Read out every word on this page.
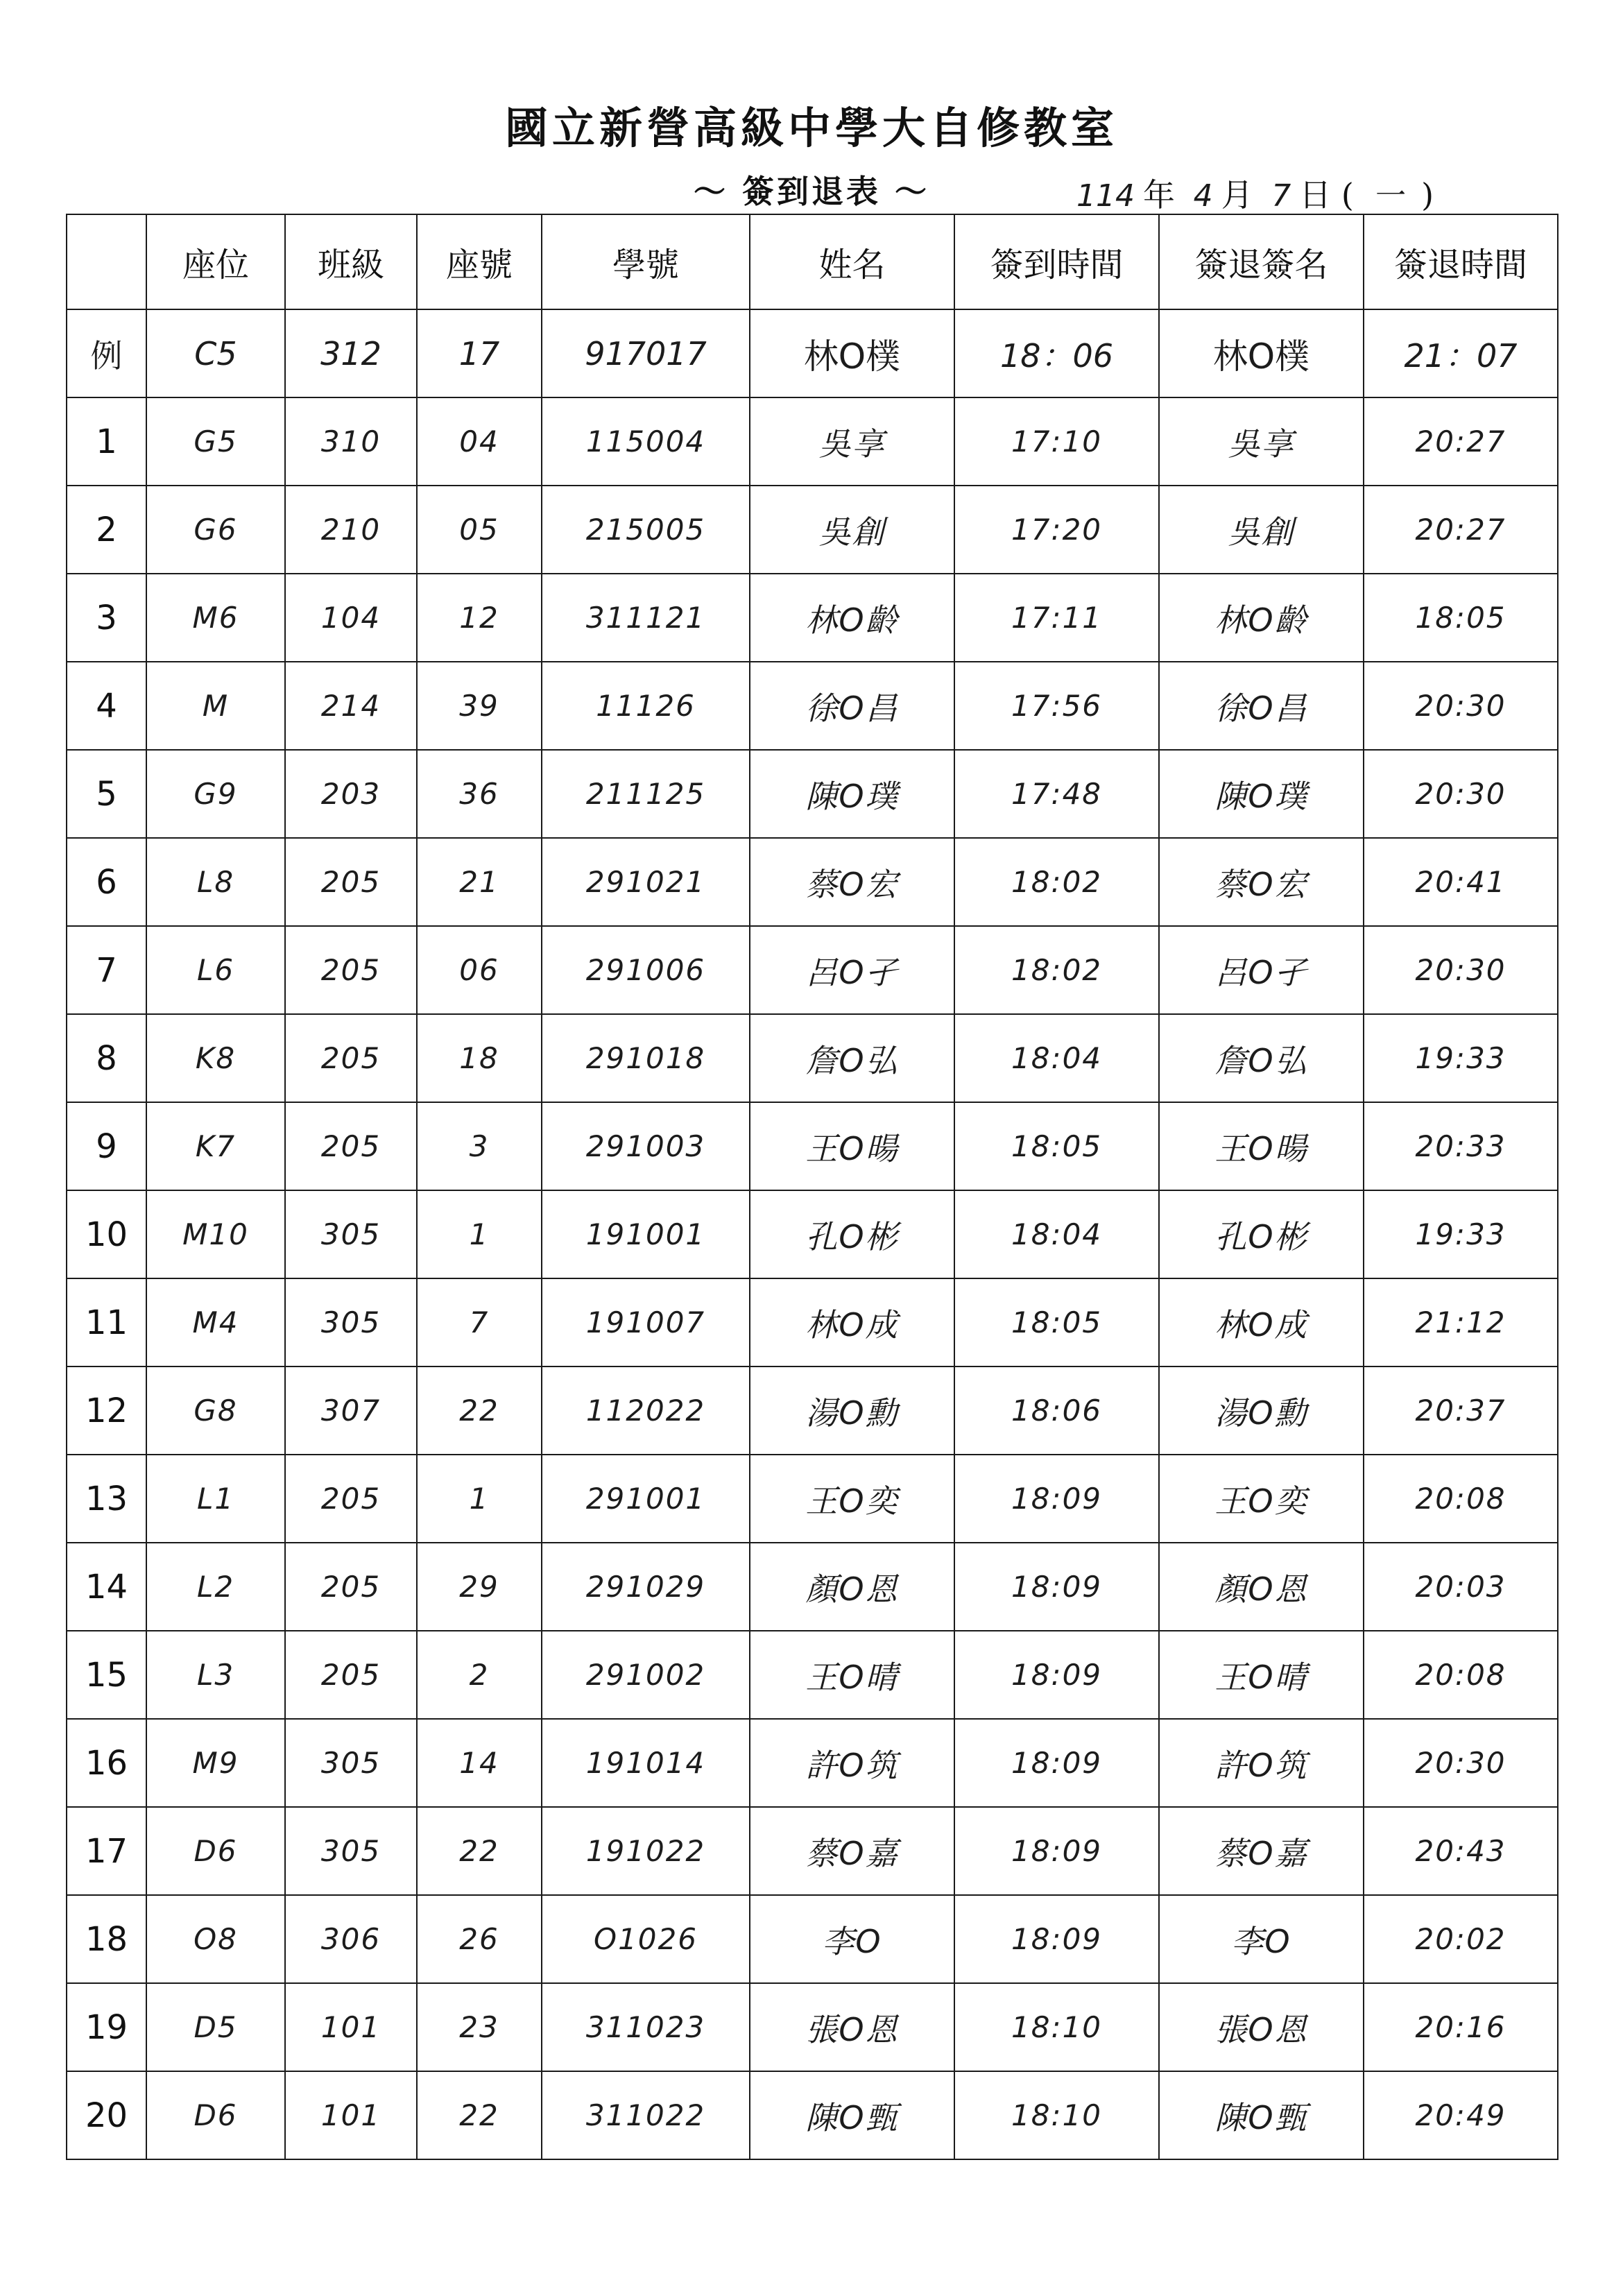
國立新營高級中學大自修教室
～ 簽到退表 ～	114 年 4 月 7 日 ( 一 )
	座位	班級	座號	學號	姓名	簽到時間	簽退簽名	簽退時間
例	C5	312	17	917017	林O樸	18：06	林O樸	21：07
1	G5	310	04	115004	吳享	17:10	吳享	20:27
2	G6	210	05	215005	吳創	17:20	吳創	20:27
3	M6	104	12	311121	林O齡	17:11	林O齡	18:05
4	M	214	39	11126	徐O昌	17:56	徐O昌	20:30
5	G9	203	36	211125	陳O璞	17:48	陳O璞	20:30
6	L8	205	21	291021	蔡O宏	18:02	蔡O宏	20:41
7	L6	205	06	291006	呂O孑	18:02	呂O孑	20:30
8	K8	205	18	291018	詹O弘	18:04	詹O弘	19:33
9	K7	205	3	291003	王O暘	18:05	王O暘	20:33
10	M10	305	1	191001	孔O彬	18:04	孔O彬	19:33
11	M4	305	7	191007	林O成	18:05	林O成	21:12
12	G8	307	22	112022	湯O勳	18:06	湯O勳	20:37
13	L1	205	1	291001	王O奕	18:09	王O奕	20:08
14	L2	205	29	291029	顏O恩	18:09	顏O恩	20:03
15	L3	205	2	291002	王O晴	18:09	王O晴	20:08
16	M9	305	14	191014	許O筑	18:09	許O筑	20:30
17	D6	305	22	191022	蔡O嘉	18:09	蔡O嘉	20:43
18	O8	306	26	O1026	李O	18:09	李O	20:02
19	D5	101	23	311023	張O恩	18:10	張O恩	20:16
20	D6	101	22	311022	陳O甄	18:10	陳O甄	20:49
